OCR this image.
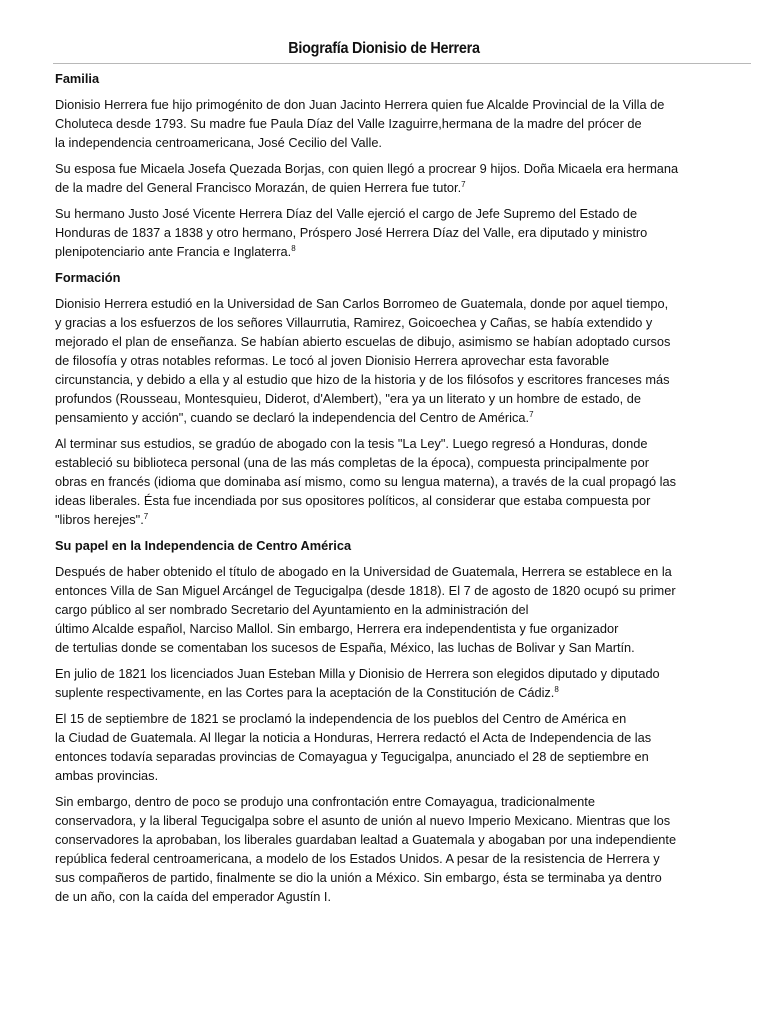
Biografía Dionisio de Herrera
Familia
Dionisio Herrera fue hijo primogénito de don Juan Jacinto Herrera quien fue Alcalde Provincial de la Villa de
Choluteca desde 1793. Su madre fue Paula Díaz del Valle Izaguirre,hermana de la madre del prócer de
la independencia centroamericana, José Cecilio del Valle.
Su esposa fue Micaela Josefa Quezada Borjas, con quien llegó a procrear 9 hijos. Doña Micaela era hermana
de la madre del General Francisco Morazán, de quien Herrera fue tutor.$^7$
Su hermano Justo José Vicente Herrera Díaz del Valle ejerció el cargo de Jefe Supremo del Estado de
Honduras de 1837 a 1838 y otro hermano, Próspero José Herrera Díaz del Valle, era diputado y ministro
plenipotenciario ante Francia e Inglaterra.$^8$
Formación
Dionisio Herrera estudió en la Universidad de San Carlos Borromeo de Guatemala, donde por aquel tiempo,
y gracias a los esfuerzos de los señores Villaurrutia, Ramirez, Goicoechea y Cañas, se había extendido y
mejorado el plan de enseñanza. Se habían abierto escuelas de dibujo, asimismo se habían adoptado cursos
de filosofía y otras notables reformas. Le tocó al joven Dionisio Herrera aprovechar esta favorable
circunstancia, y debido a ella y al estudio que hizo de la historia y de los filósofos y escritores franceses más
profundos (Rousseau, Montesquieu, Diderot, d'Alembert), "era ya un literato y un hombre de estado, de
pensamiento y acción", cuando se declaró la independencia del Centro de América.$^7$
Al terminar sus estudios, se gradúo de abogado con la tesis "La Ley". Luego regresó a Honduras, donde
estableció su biblioteca personal (una de las más completas de la época), compuesta principalmente por
obras en francés (idioma que dominaba así mismo, como su lengua materna), a través de la cual propagó las
ideas liberales. Ésta fue incendiada por sus opositores políticos, al considerar que estaba compuesta por
"libros herejes".$^7$
Su papel en la Independencia de Centro América
Después de haber obtenido el título de abogado en la Universidad de Guatemala, Herrera se establece en la
entonces Villa de San Miguel Arcángel de Tegucigalpa (desde 1818). El 7 de agosto de 1820 ocupó su primer
cargo público al ser nombrado Secretario del Ayuntamiento en la administración del
último Alcalde español, Narciso Mallol. Sin embargo, Herrera era independentista y fue organizador
de tertulias donde se comentaban los sucesos de España, México, las luchas de Bolivar y San Martín.
En julio de 1821 los licenciados Juan Esteban Milla y Dionisio de Herrera son elegidos diputado y diputado
suplente respectivamente, en las Cortes para la aceptación de la Constitución de Cádiz.$^8$
El 15 de septiembre de 1821 se proclamó la independencia de los pueblos del Centro de América en
la Ciudad de Guatemala. Al llegar la noticia a Honduras, Herrera redactó el Acta de Independencia de las
entonces todavía separadas provincias de Comayagua y Tegucigalpa, anunciado el 28 de septiembre en
ambas provincias.
Sin embargo, dentro de poco se produjo una confrontación entre Comayagua, tradicionalmente
conservadora, y la liberal Tegucigalpa sobre el asunto de unión al nuevo Imperio Mexicano. Mientras que los
conservadores la aprobaban, los liberales guardaban lealtad a Guatemala y abogaban por una independiente
república federal centroamericana, a modelo de los Estados Unidos. A pesar de la resistencia de Herrera y
sus compañeros de partido, finalmente se dio la unión a México. Sin embargo, ésta se terminaba ya dentro
de un año, con la caída del emperador Agustín I.
